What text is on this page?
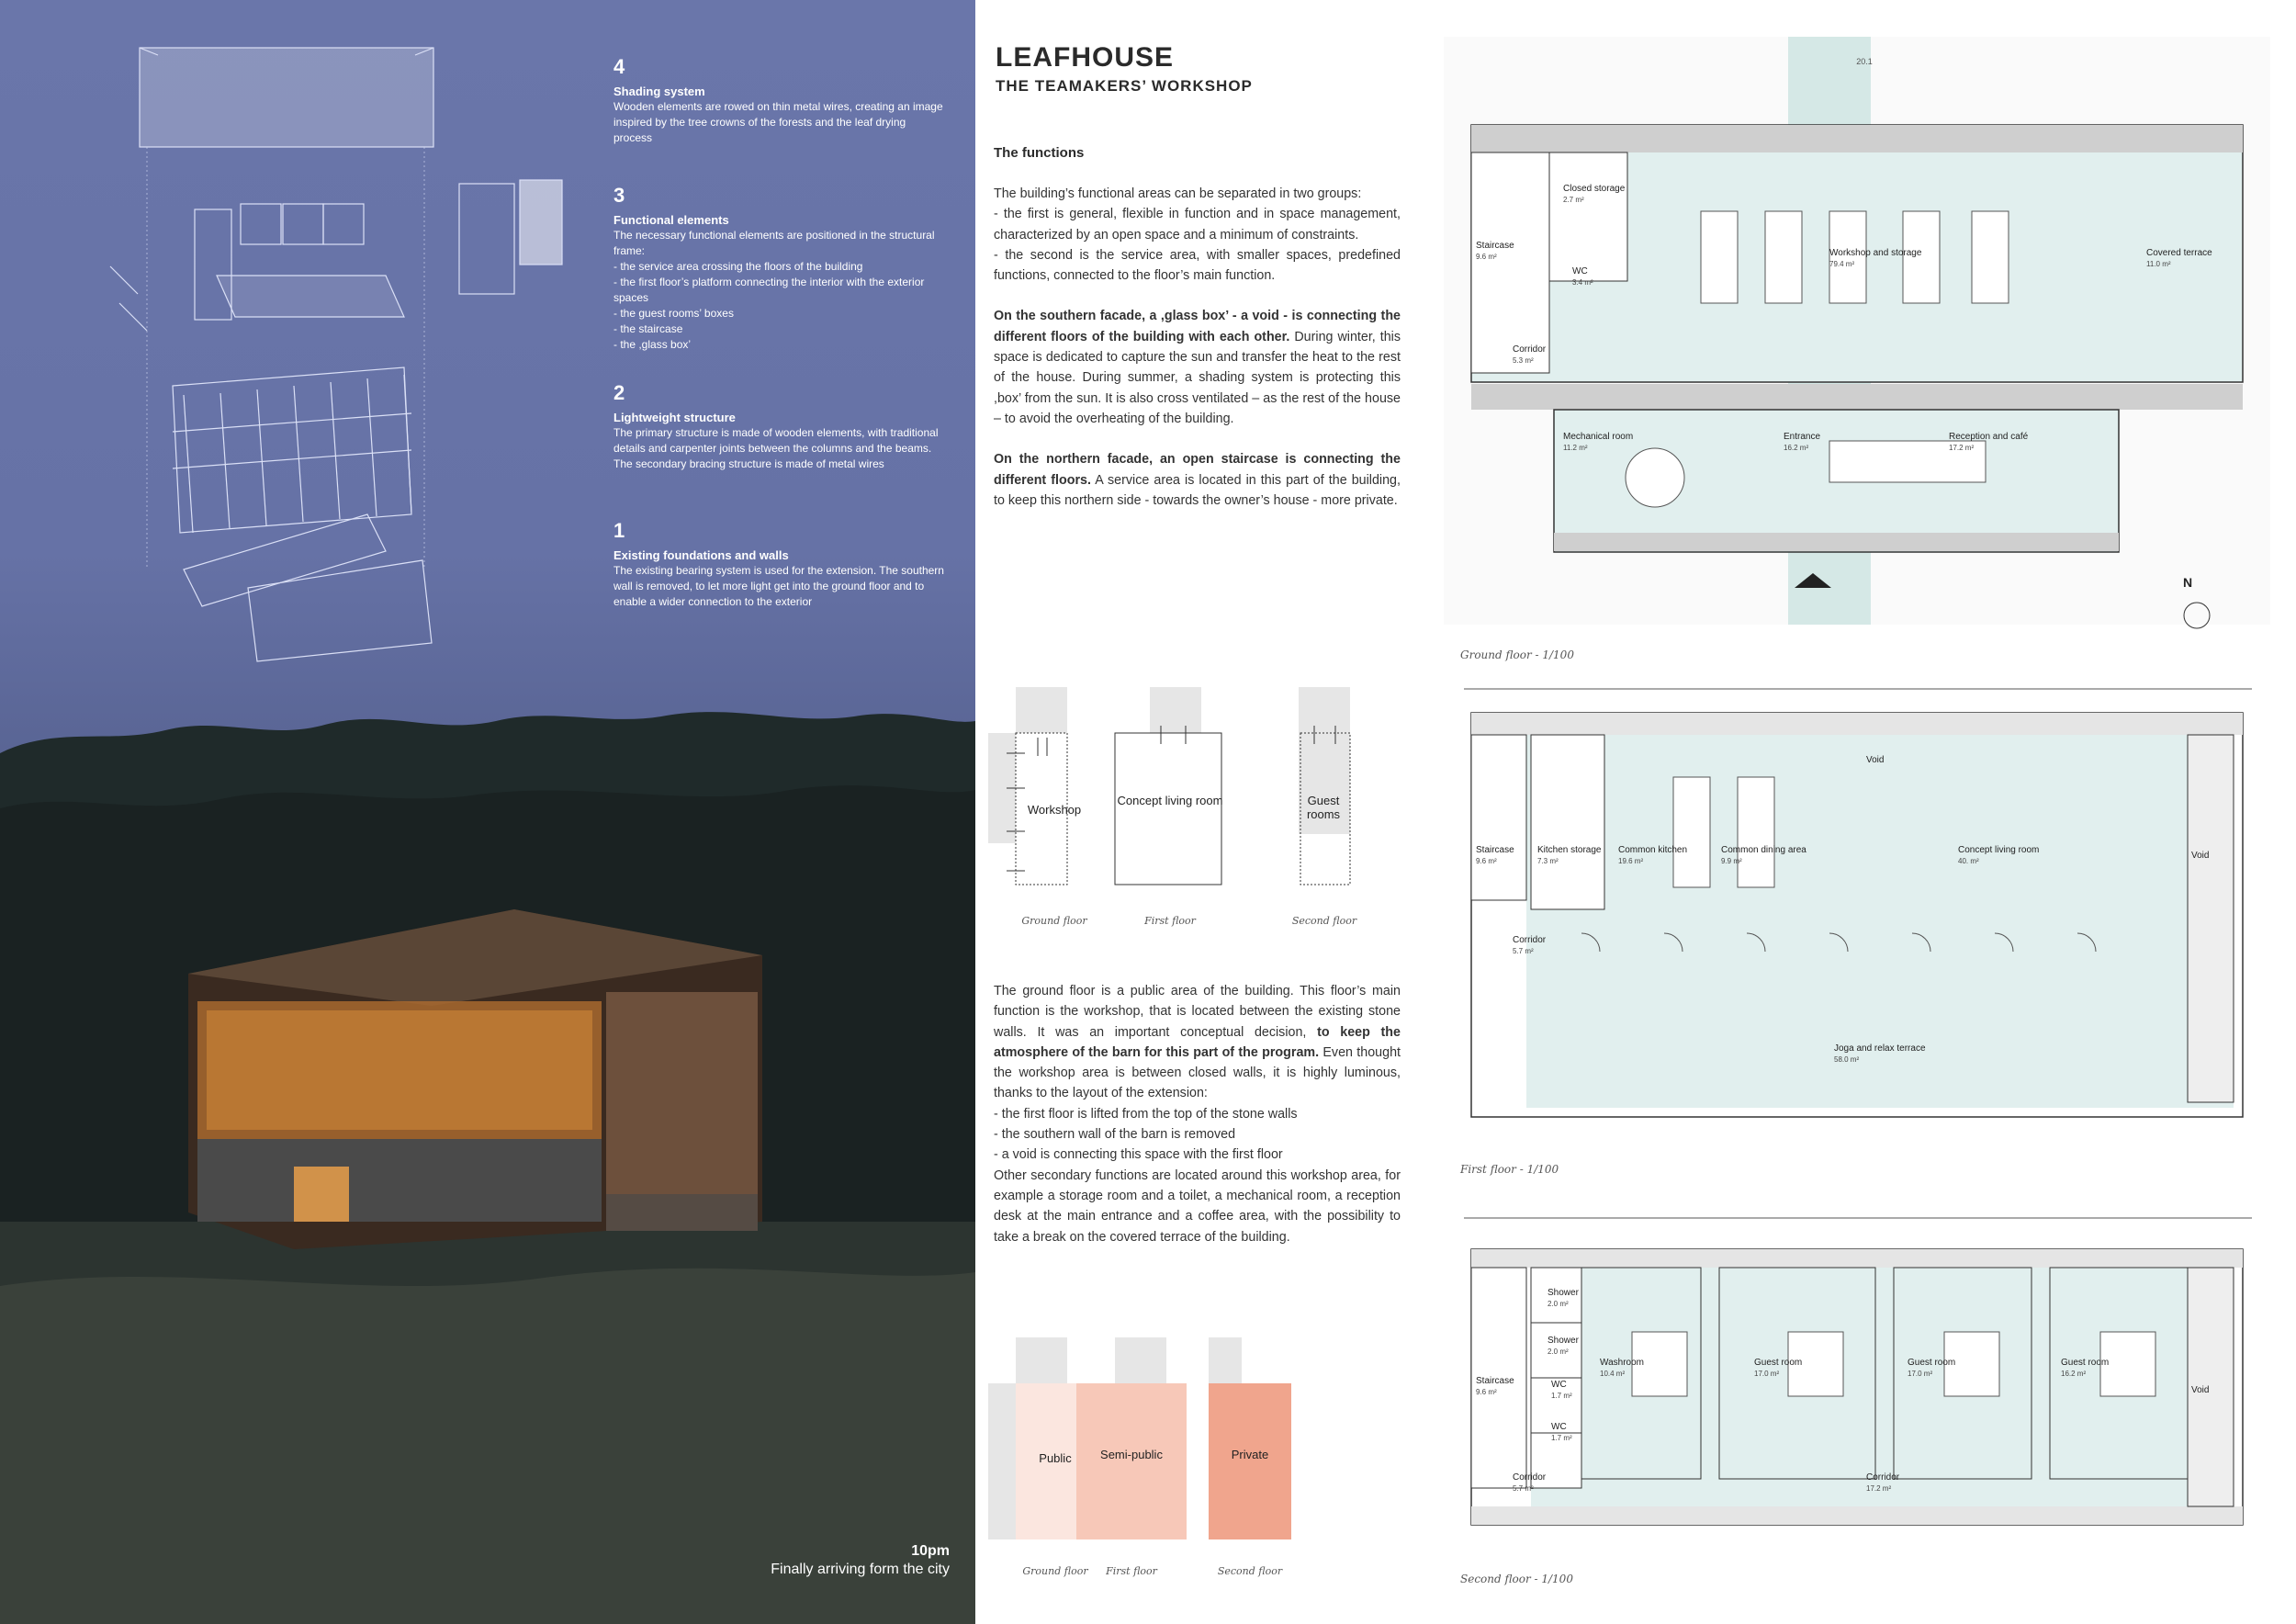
4
Shading system
Wooden elements are rowed on thin metal wires, creating an image inspired by the tree crowns of the forests and the leaf drying process
3
Functional elements
The necessary functional elements are positioned in the structural frame:
- the service area crossing the floors of the building
- the first floor’s platform connecting the interior with the exterior spaces
- the guest rooms’ boxes
- the staircase
- the ,glass box’
2
Lightweight structure
The primary structure is made of wooden elements, with traditional details and carpenter joints between the columns and the beams. The secondary bracing structure is made of metal wires
1
Existing foundations and walls
The existing bearing system is used for the extension. The southern wall is removed, to let more light get into the ground floor and to enable a wider connection to the exterior
10pm
Finally arriving form the city
LEAFHOUSE
THE TEAMAKERS’ WORKSHOP
The functions

The building’s functional areas can be separated in two groups:
- the first is general, flexible in function and in space management, characterized by an open space and a minimum of constraints.
- the second is the service area, with smaller spaces, predefined functions, connected to the floor’s main function.

On the southern facade, a ,glass box’ - a void - is connecting the different floors of the building with each other. During winter, this space is dedicated to capture the sun and transfer the heat to the rest of the house. During summer, a shading system is protecting this ,box’ from the sun. It is also cross ventilated – as the rest of the house – to avoid the overheating of the building.

On the northern facade, an open staircase is connecting the different floors. A service area is located in this part of the building, to keep this northern side - towards the owner’s house - more private.

Workshop
Concept living room	Guest rooms
Ground floor	First floor	Second floor

The ground floor is a public area of the building. This floor’s main function is the workshop, that is located between the existing stone walls. It was an important conceptual decision, to keep the atmosphere of the barn for this part of the program. Even thought the workshop area is between closed walls, it is highly luminous, thanks to the layout of the extension:
- the first floor is lifted from the top of the stone walls
- the southern wall of the barn is removed
- a void is connecting this space with the first floor
Other secondary functions are located around this workshop area, for example a storage room and a toilet, a mechanical room, a reception desk at the main entrance and a coffee area, with the possibility to take a break on the covered terrace of the building.

Public	Semi-public	Private
Ground floor	First floor	Second floor
20.1
Closed storage
2.7 m²
Staircase
9.6 m²
WC
3.4 m²
Corridor
5.3 m²
Workshop and storage
79.4 m²
Covered terrace
11.0 m²
Mechanical room
11.2 m²
Entrance
16.2 m²
Reception and café
17.2 m²
N
Ground floor - 1/100
Void
Staircase
9.6 m²
Kitchen storage
7.3 m²
Common kitchen
19.6 m²
Common dining area
9.9 m²
Concept living room
40. m²
Void
Corridor
5.7 m²
Joga and relax terrace
58.0 m²
First floor - 1/100
Shower
2.0 m²
Shower
2.0 m²
Staircase
9.6 m²
WC
1.7 m²
WC
1.7 m²
Washroom
10.4 m²
Guest room
17.0 m²
Guest room
17.0 m²
Guest room
16.2 m²
Void
Corridor
5.7 m²
Corridor
17.2 m²
Second floor - 1/100
